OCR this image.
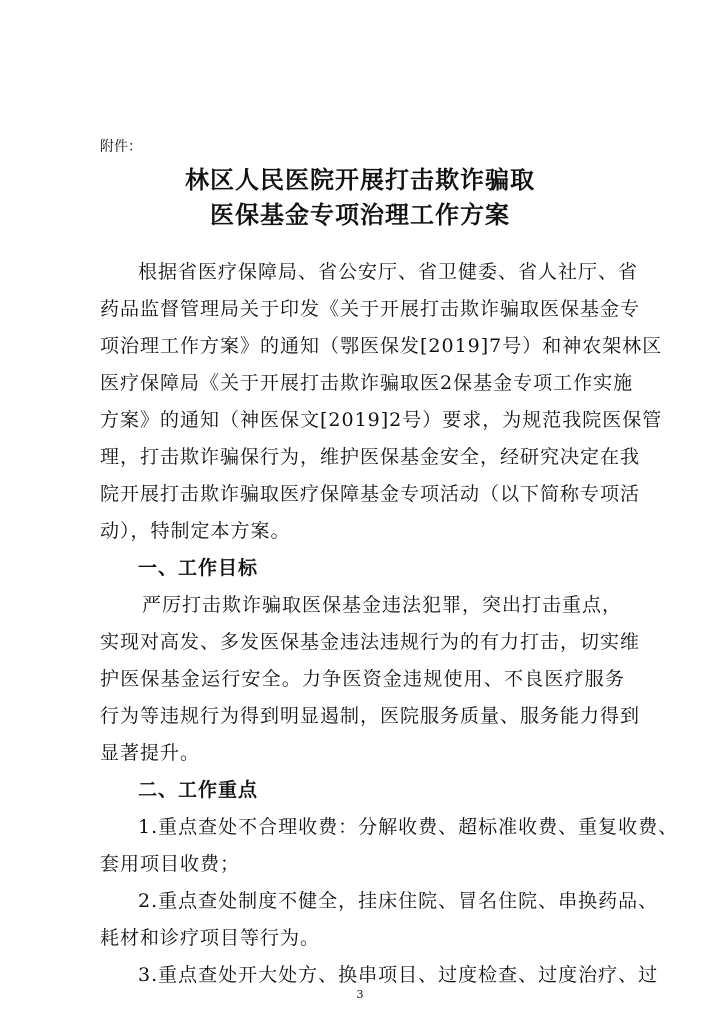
附件：
林区人民医院开展打击欺诈骗取
医保基金专项治理工作方案
根据省医疗保障局、省公安厅、省卫健委、省人社厅、省
药品监督管理局关于印发《关于开展打击欺诈骗取医保基金专
项治理工作方案》的通知（鄂医保发[2019]7号）和神农架林区
医疗保障局《关于开展打击欺诈骗取医2保基金专项工作实施
方案》的通知（神医保文[2019]2号）要求，为规范我院医保管
理，打击欺诈骗保行为，维护医保基金安全，经研究决定在我
院开展打击欺诈骗取医疗保障基金专项活动（以下简称专项活
动），特制定本方案。
一、工作目标
严厉打击欺诈骗取医保基金违法犯罪，突出打击重点，
实现对高发、多发医保基金违法违规行为的有力打击，切实维
护医保基金运行安全。力争医资金违规使用、不良医疗服务
行为等违规行为得到明显遏制，医院服务质量、服务能力得到
显著提升。
二、工作重点
1.重点查处不合理收费：分解收费、超标准收费、重复收费、
套用项目收费；
2.重点查处制度不健全，挂床住院、冒名住院、串换药品、
耗材和诊疗项目等行为。
3.重点查处开大处方、换串项目、过度检查、过度治疗、过
3
